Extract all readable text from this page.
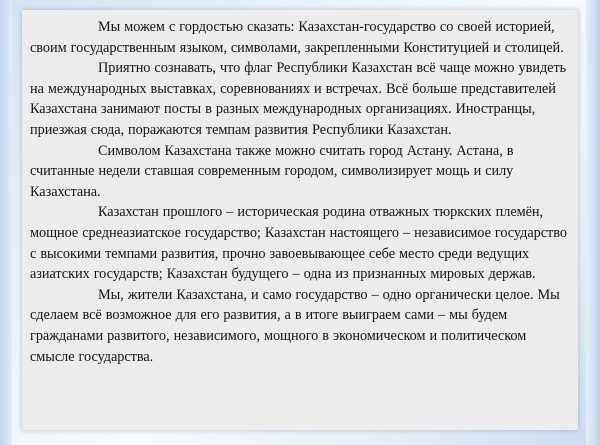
Мы можем с гордостью сказать: Казахстан-государство со своей историей, своим государственным языком, символами, закрепленными Конституцией и столицей.

Приятно сознавать, что флаг Республики Казахстан всё чаще можно увидеть на международных выставках, соревнованиях и встречах. Всё больше представителей Казахстана занимают посты в разных международных организациях. Иностранцы, приезжая сюда, поражаются темпам развития Республики Казахстан.

Символом Казахстана также можно считать город Астану. Астана, в считанные недели ставшая современным городом, символизирует мощь и силу Казахстана.

Казахстан прошлого – историческая родина отважных тюркских племён, мощное среднеазиатское государство; Казахстан настоящего – независимое государство с высокими темпами развития, прочно завоевывающее себе место среди ведущих азиатских государств; Казахстан будущего – одна из признанных мировых держав.

Мы, жители Казахстана, и само государство – одно органически целое. Мы сделаем всё возможное для его развития, а в итоге выиграем сами – мы будем гражданами развитого, независимого, мощного в экономическом и политическом смысле государства.
